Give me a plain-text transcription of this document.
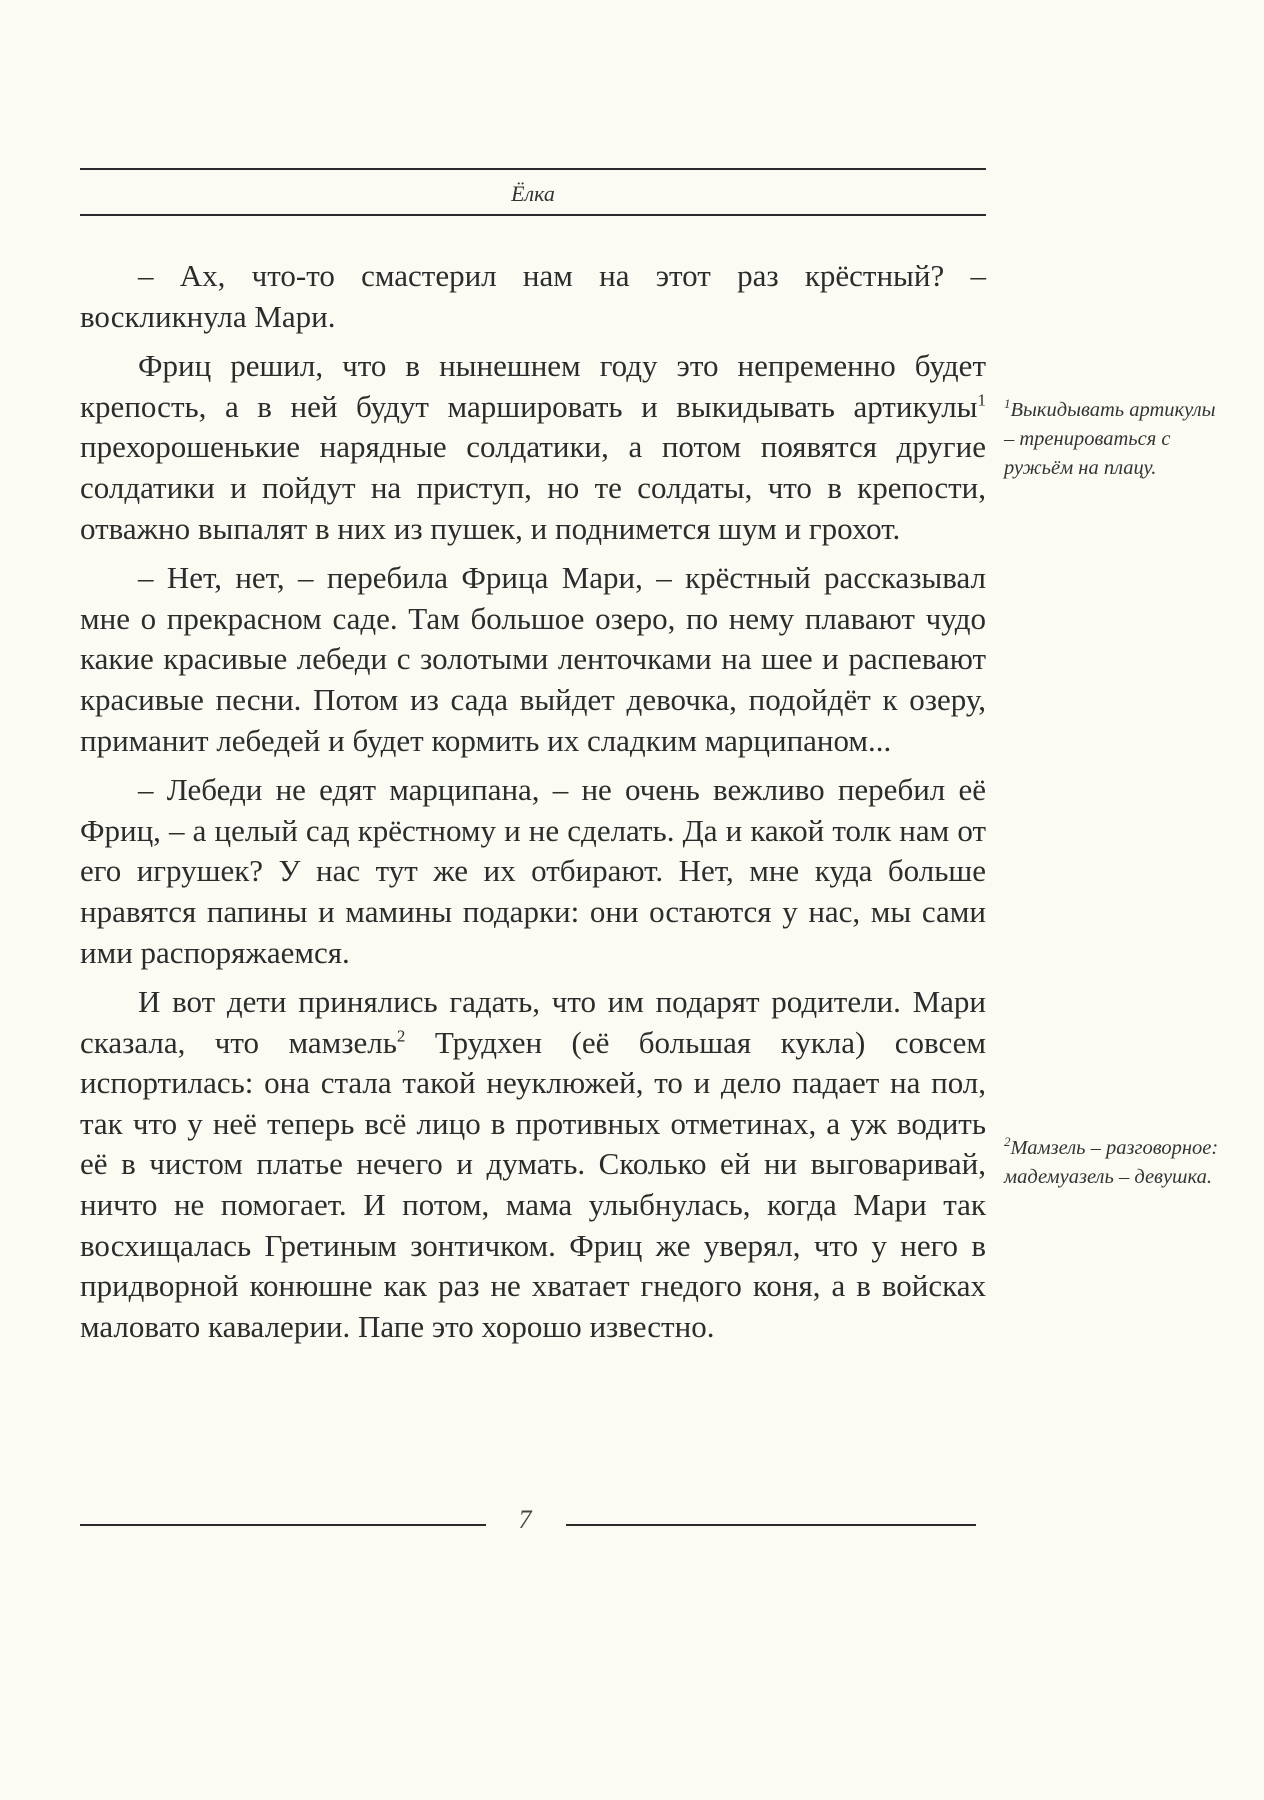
Ёлка

– Ах, что-то смастерил нам на этот раз крёстный? – воскликнула Мари.

Фриц решил, что в нынешнем году это непременно будет крепость, а в ней будут маршировать и выкидывать артикулы$^1$ прехорошенькие нарядные солдатики, а потом появятся другие солдатики и пойдут на приступ, но те солдаты, что в крепости, отважно выпалят в них из пушек, и поднимется шум и грохот.

– Нет, нет, – перебила Фрица Мари, – крёстный рассказывал мне о прекрасном саде. Там большое озеро, по нему плавают чудо какие красивые лебеди с золотыми ленточками на шее и распевают красивые песни. Потом из сада выйдет девочка, подойдёт к озеру, приманит лебедей и будет кормить их сладким марципаном...

– Лебеди не едят марципана, – не очень вежливо перебил её Фриц, – а целый сад крёстному и не сделать. Да и какой толк нам от его игрушек? У нас тут же их отбирают. Нет, мне куда больше нравятся папины и мамины подарки: они остаются у нас, мы сами ими распоряжаемся.

И вот дети принялись гадать, что им подарят родители. Мари сказала, что мамзель$^2$ Трудхен (её большая кукла) совсем испортилась: она стала такой неуклюжей, то и дело падает на пол, так что у неё теперь всё лицо в противных отметинах, а уж водить её в чистом платье нечего и думать. Сколько ей ни выговаривай, ничто не помогает. И потом, мама улыбнулась, когда Мари так восхищалась Гретиным зонтичком. Фриц же уверял, что у него в придворной конюшне как раз не хватает гнедого коня, а в войсках маловато кавалерии. Папе это хорошо известно.

$^1$Выкидывать артикулы – тренироваться с ружьём на плацу.
$^2$Мамзель – разговорное: мадемуазель – девушка.
7
